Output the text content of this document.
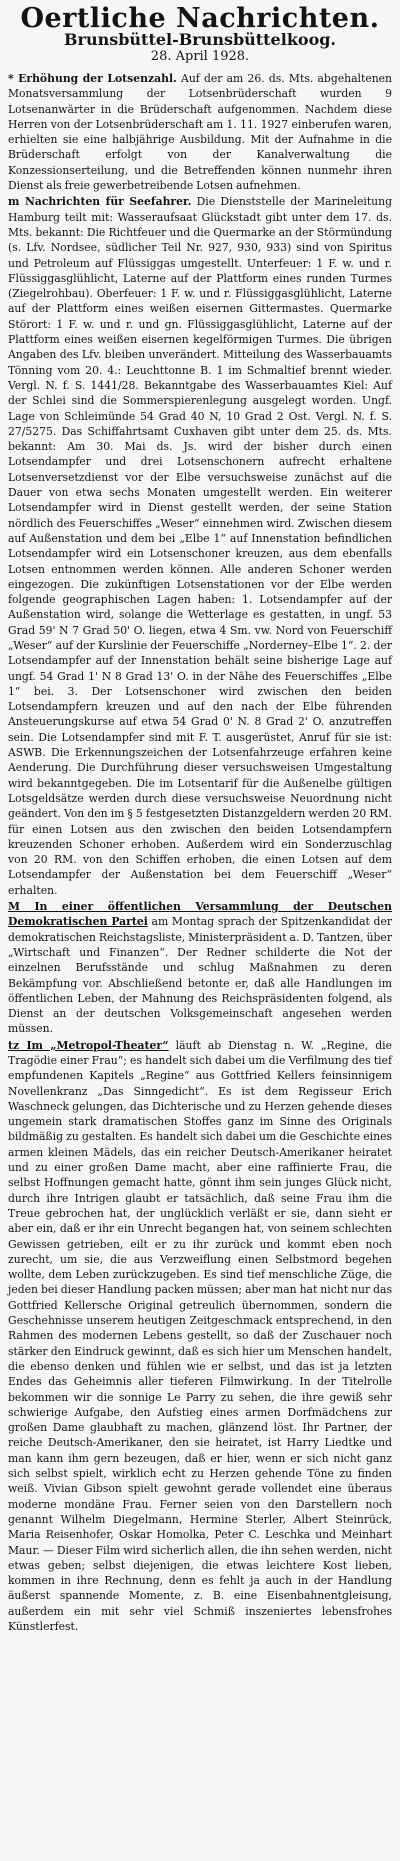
Oertliche Nachrichten.
Brunsbüttel-Brunsbüttelkoog.
28. April 1928.

* Erhöhung der Lotsenzahl. Auf der am 26. ds. Mts. abgehaltenen Monatsversammlung der Lotsenbrüderschaft wurden 9 Lotsenanwärter in die Brüderschaft aufgenommen. Nachdem diese Herren von der Lotsenbrüderschaft am 1. 11. 1927 einberufen waren, erhielten sie eine halbjährige Ausbildung. Mit der Aufnahme in die Brüderschaft erfolgt von der Kanalverwaltung die Konzessionserteilung, und die Betreffenden können nunmehr ihren Dienst als freie gewerbetreibende Lotsen aufnehmen.

m Nachrichten für Seefahrer. Die Dienststelle der Marineleitung Hamburg teilt mit: Wasseraufsaat Glückstadt gibt unter dem 17. ds. Mts. bekannt: Die Richtfeuer und die Quermarke an der Störmündung (s. Lfv. Nordsee, südlicher Teil Nr. 927, 930, 933) sind von Spiritus und Petroleum auf Flüssiggas umgestellt. Unterfeuer: 1 F. w. und r. Flüssiggasglühlicht, Laterne auf der Plattform eines runden Turmes (Ziegelrohbau). Oberfeuer: 1 F. w. und r. Flüssiggasglühlicht, Laterne auf der Plattform eines weißen eisernen Gittermastes. Quermarke Störort: 1 F. w. und r. und gn. Flüssiggasglühlicht, Laterne auf der Plattform eines weißen eisernen kegelförmigen Turmes. Die übrigen Angaben des Lfv. bleiben unverändert. Mitteilung des Wasserbauamts Tönning vom 20. 4.: Leuchttonne B. 1 im Schmaltief brennt wieder. Vergl. N. f. S. 1441/28. Bekanntgabe des Wasserbauamtes Kiel: Auf der Schlei sind die Sommerspierenlegung ausgelegt worden. Ungf. Lage von Schleimünde 54 Grad 40 N, 10 Grad 2 Ost. Vergl. N. f. S. 27/5275. Das Schiffahrtsamt Cuxhaven gibt unter dem 25. ds. Mts. bekannt: Am 30. Mai ds. Js. wird der bisher durch einen Lotsendampfer und drei Lotsenschonern aufrecht erhaltene Lotsenversetzdienst vor der Elbe versuchsweise zunächst auf die Dauer von etwa sechs Monaten umgestellt werden. Ein weiterer Lotsendampfer wird in Dienst gestellt werden, der seine Station nördlich des Feuerschiffes „Weser“ einnehmen wird. Zwischen diesem auf Außenstation und dem bei „Elbe 1“ auf Innenstation befindlichen Lotsendampfer wird ein Lotsenschoner kreuzen, aus dem ebenfalls Lotsen entnommen werden können. Alle anderen Schoner werden eingezogen. Die zukünftigen Lotsenstationen vor der Elbe werden folgende geographischen Lagen haben: 1. Lotsendampfer auf der Außenstation wird, solange die Wetterlage es gestatten, in ungf. 53 Grad 59' N 7 Grad 50' O. liegen, etwa 4 Sm. vw. Nord von Feuerschiff „Weser“ auf der Kurslinie der Feuerschiffe „Norderney–Elbe 1“. 2. der Lotsendampfer auf der Innenstation behält seine bisherige Lage auf ungf. 54 Grad 1' N 8 Grad 13' O. in der Nähe des Feuerschiffes „Elbe 1“ bei. 3. Der Lotsenschoner wird zwischen den beiden Lotsendampfern kreuzen und auf den nach der Elbe führenden Ansteuerungskurse auf etwa 54 Grad 0' N. 8 Grad 2' O. anzutreffen sein. Die Lotsendampfer sind mit F. T. ausgerüstet, Anruf für sie ist: ASWB. Die Erkennungszeichen der Lotsenfahrzeuge erfahren keine Aenderung. Die Durchführung dieser versuchsweisen Umgestaltung wird bekanntgegeben. Die im Lotsentarif für die Außenelbe gültigen Lotsgeldsätze werden durch diese versuchsweise Neuordnung nicht geändert. Von den im § 5 festgesetzten Distanzgeldern werden 20 RM. für einen Lotsen aus den zwischen den beiden Lotsendampfern kreuzenden Schoner erhoben. Außerdem wird ein Sonderzuschlag von 20 RM. von den Schiffen erhoben, die einen Lotsen auf dem Lotsendampfer der Außenstation bei dem Feuerschiff „Weser“ erhalten.

M In einer öffentlichen Versammlung der Deutschen Demokratischen Partei am Montag sprach der Spitzenkandidat der demokratischen Reichstagsliste, Ministerpräsident a. D. Tantzen, über „Wirtschaft und Finanzen“. Der Redner schilderte die Not der einzelnen Berufsstände und schlug Maßnahmen zu deren Bekämpfung vor. Abschließend betonte er, daß alle Handlungen im öffentlichen Leben, der Mahnung des Reichspräsidenten folgend, als Dienst an der deutschen Volksgemeinschaft angesehen werden müssen.

tz Im „Metropol-Theater“ läuft ab Dienstag n. W. „Regine, die Tragödie einer Frau“; es handelt sich dabei um die Verfilmung des tief empfundenen Kapitels „Regine“ aus Gottfried Kellers feinsinnigem Novellenkranz „Das Sinngedicht“. Es ist dem Regisseur Erich Waschneck gelungen, das Dichterische und zu Herzen gehende dieses ungemein stark dramatischen Stoffes ganz im Sinne des Originals bildmäßig zu gestalten. Es handelt sich dabei um die Geschichte eines armen kleinen Mädels, das ein reicher Deutsch-Amerikaner heiratet und zu einer großen Dame macht, aber eine raffinierte Frau, die selbst Hoffnungen gemacht hatte, gönnt ihm sein junges Glück nicht, durch ihre Intrigen glaubt er tatsächlich, daß seine Frau ihm die Treue gebrochen hat, der unglücklich verläßt er sie, dann sieht er aber ein, daß er ihr ein Unrecht begangen hat, von seinem schlechten Gewissen getrieben, eilt er zu ihr zurück und kommt eben noch zurecht, um sie, die aus Verzweiflung einen Selbstmord begehen wollte, dem Leben zurückzugeben. Es sind tief menschliche Züge, die jeden bei dieser Handlung packen müssen; aber man hat nicht nur das Gottfried Kellersche Original getreulich übernommen, sondern die Geschehnisse unserem heutigen Zeitgeschmack entsprechend, in den Rahmen des modernen Lebens gestellt, so daß der Zuschauer noch stärker den Eindruck gewinnt, daß es sich hier um Menschen handelt, die ebenso denken und fühlen wie er selbst, und das ist ja letzten Endes das Geheimnis aller tieferen Filmwirkung. In der Titelrolle bekommen wir die sonnige Le Parry zu sehen, die ihre gewiß sehr schwierige Aufgabe, den Aufstieg eines armen Dorfmädchens zur großen Dame glaubhaft zu machen, glänzend löst. Ihr Partner, der reiche Deutsch-Amerikaner, den sie heiratet, ist Harry Liedtke und man kann ihm gern bezeugen, daß er hier, wenn er sich nicht ganz sich selbst spielt, wirklich echt zu Herzen gehende Töne zu finden weiß. Vivian Gibson spielt gewohnt gerade vollendet eine überaus moderne mondäne Frau. Ferner seien von den Darstellern noch genannt Wilhelm Diegelmann, Hermine Sterler, Albert Steinrück, Maria Reisenhofer, Oskar Homolka, Peter C. Leschka und Meinhart Maur. — Dieser Film wird sicherlich allen, die ihn sehen werden, nicht etwas geben; selbst diejenigen, die etwas leichtere Kost lieben, kommen in ihre Rechnung, denn es fehlt ja auch in der Handlung äußerst spannende Momente, z. B. eine Eisenbahnentgleisung, außerdem ein mit sehr viel Schmiß inszeniertes lebensfrohes Künstlerfest.
